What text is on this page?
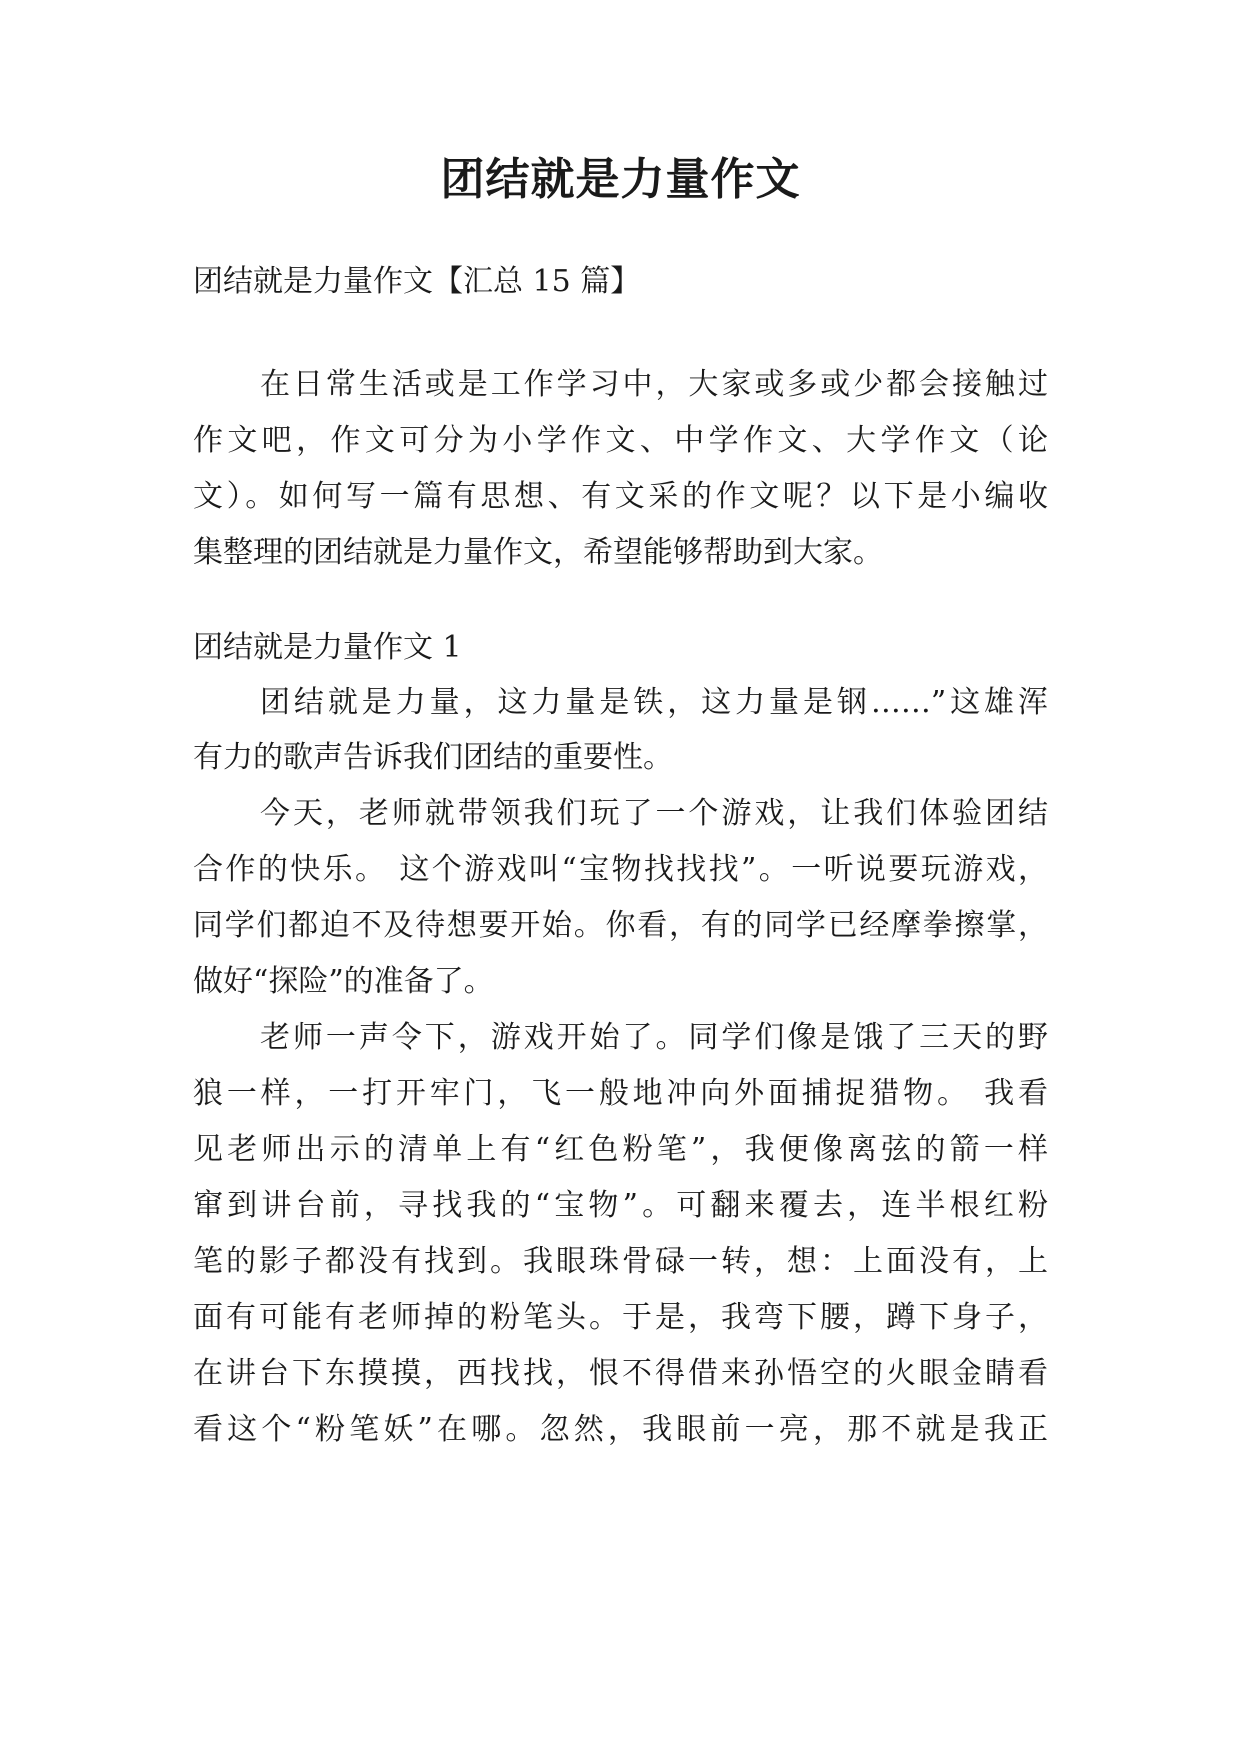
团结就是力量作文

团结就是力量作文【汇总 15 篇】

在日常生活或是工作学习中，大家或多或少都会接触过

作文吧，作文可分为小学作文、中学作文、大学作文（论

文）。如何写一篇有思想、有文采的作文呢？以下是小编收

集整理的团结就是力量作文，希望能够帮助到大家。

团结就是力量作文 1

团结就是力量，这力量是铁，这力量是钢……”这雄浑

有力的歌声告诉我们团结的重要性。

今天，老师就带领我们玩了一个游戏，让我们体验团结

合作的快乐。 这个游戏叫“宝物找找找”。一听说要玩游戏，

同学们都迫不及待想要开始。你看，有的同学已经摩拳擦掌，

做好“探险”的准备了。

老师一声令下，游戏开始了。同学们像是饿了三天的野

狼一样，一打开牢门，飞一般地冲向外面捕捉猎物。 我看

见老师出示的清单上有“红色粉笔”，我便像离弦的箭一样

窜到讲台前，寻找我的“宝物”。可翻来覆去，连半根红粉

笔的影子都没有找到。我眼珠骨碌一转，想：上面没有，上

面有可能有老师掉的粉笔头。于是，我弯下腰，蹲下身子，

在讲台下东摸摸，西找找，恨不得借来孙悟空的火眼金睛看

看这个“粉笔妖”在哪。忽然，我眼前一亮，那不就是我正
